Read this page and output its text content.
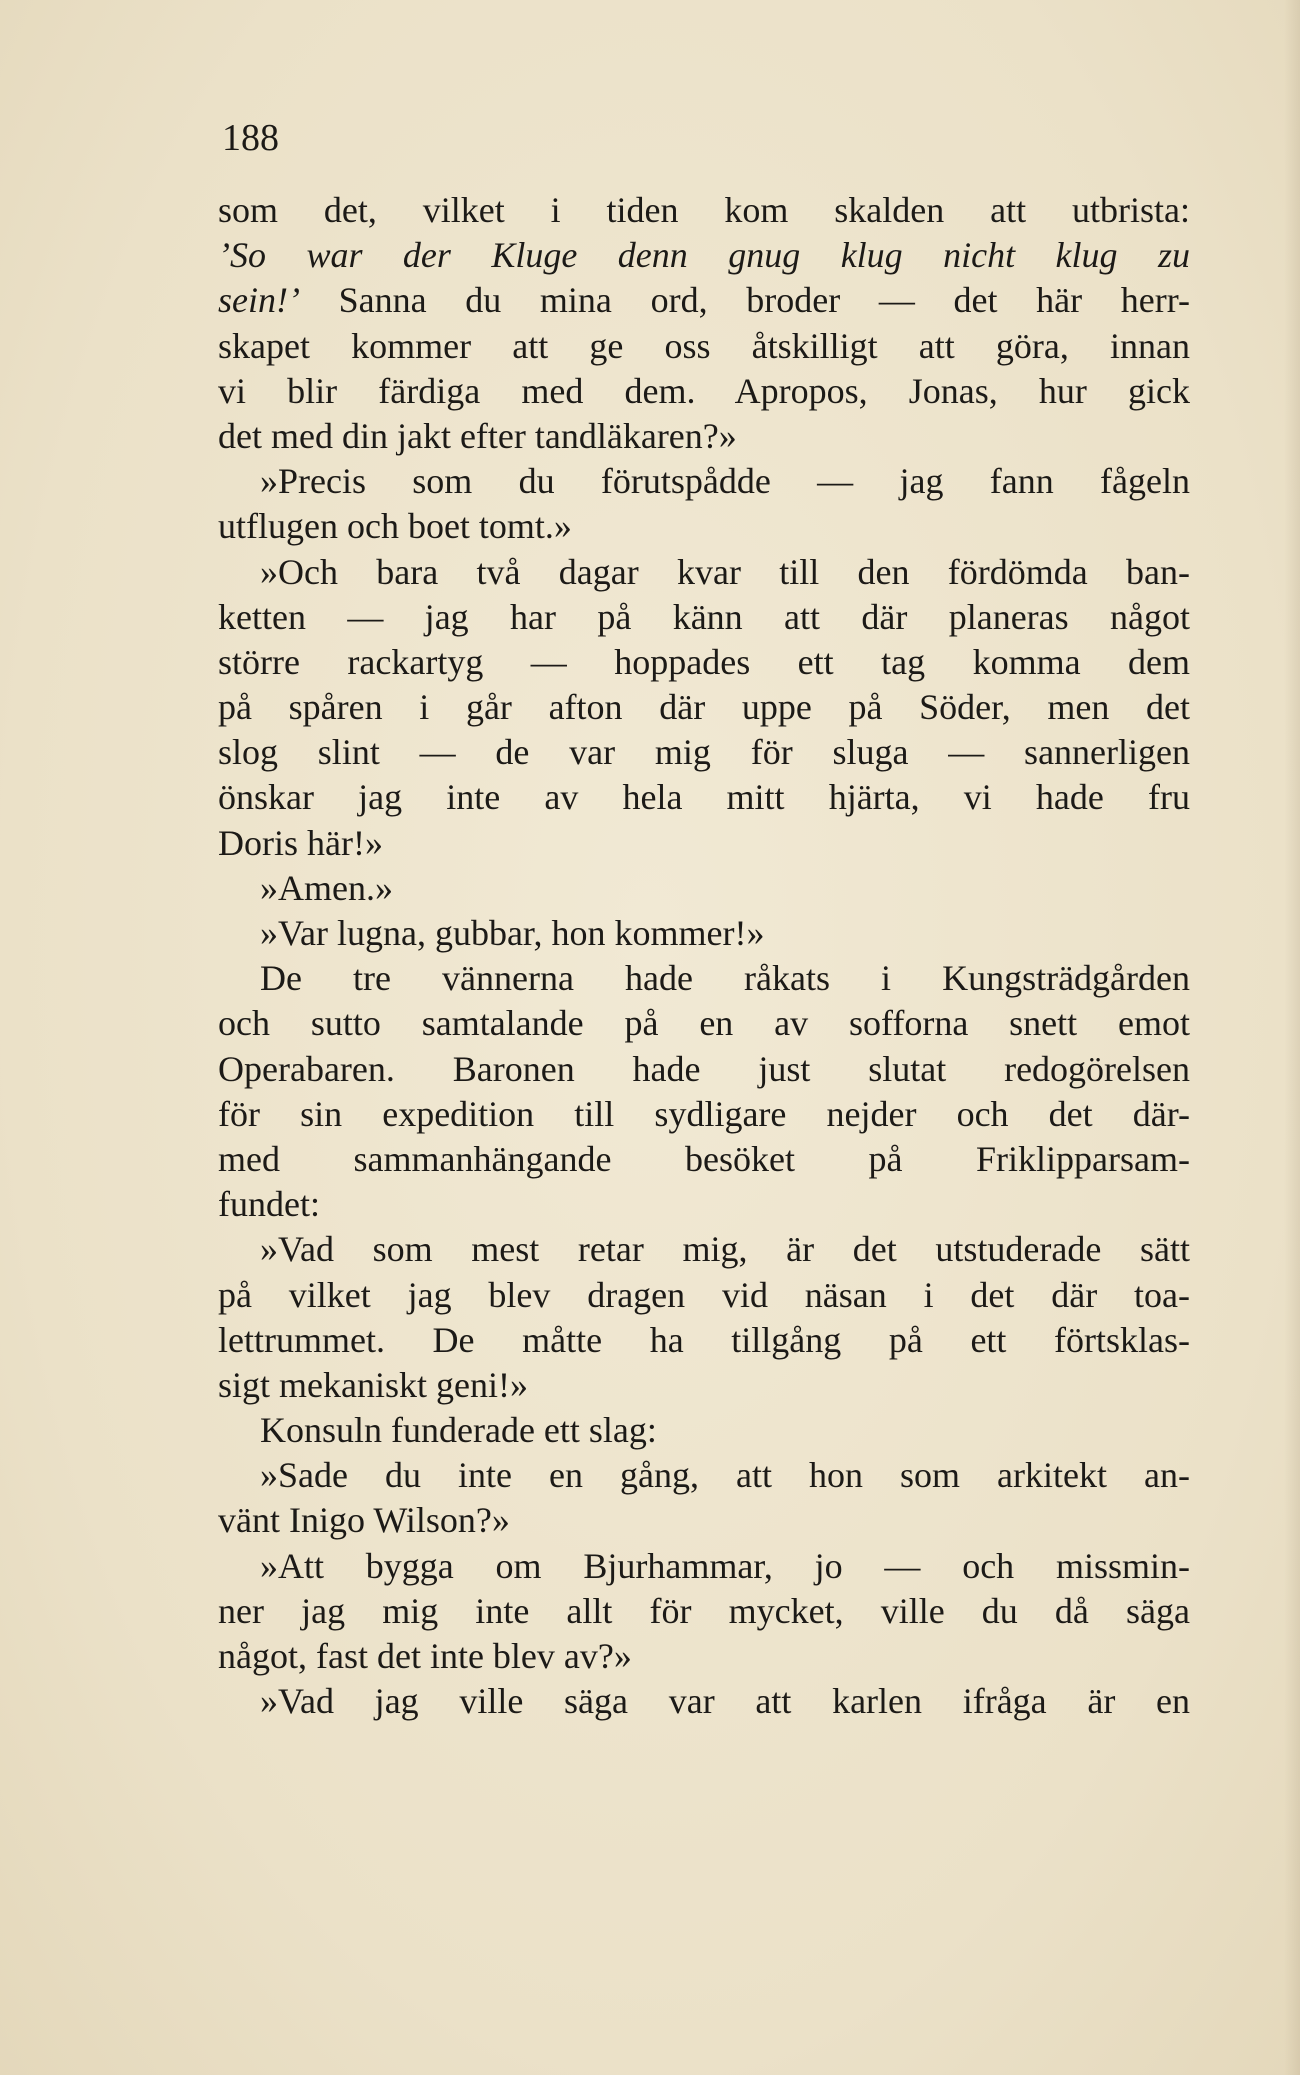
188

som det, vilket i tiden kom skalden att utbrista:
’So war der Kluge denn gnug klug nicht klug zu
sein!’ Sanna du mina ord, broder — det här herr-
skapet kommer att ge oss åtskilligt att göra, innan
vi blir färdiga med dem. Apropos, Jonas, hur gick
det med din jakt efter tandläkaren?»
»Precis som du förutspådde — jag fann fågeln
utflugen och boet tomt.»
»Och bara två dagar kvar till den fördömda ban-
ketten — jag har på känn att där planeras något
större rackartyg — hoppades ett tag komma dem
på spåren i går afton där uppe på Söder, men det
slog slint — de var mig för sluga — sannerligen
önskar jag inte av hela mitt hjärta, vi hade fru
Doris här!»
»Amen.»
»Var lugna, gubbar, hon kommer!»
De tre vännerna hade råkats i Kungsträdgården
och sutto samtalande på en av sofforna snett emot
Operabaren. Baronen hade just slutat redogörelsen
för sin expedition till sydligare nejder och det där-
med sammanhängande besöket på Friklipparsam-
fundet:
»Vad som mest retar mig, är det utstuderade sätt
på vilket jag blev dragen vid näsan i det där toa-
lettrummet. De måtte ha tillgång på ett förtsklas-
sigt mekaniskt geni!»
Konsuln funderade ett slag:
»Sade du inte en gång, att hon som arkitekt an-
vänt Inigo Wilson?»
»Att bygga om Bjurhammar, jo — och missmin-
ner jag mig inte allt för mycket, ville du då säga
något, fast det inte blev av?»
»Vad jag ville säga var att karlen ifråga är en
